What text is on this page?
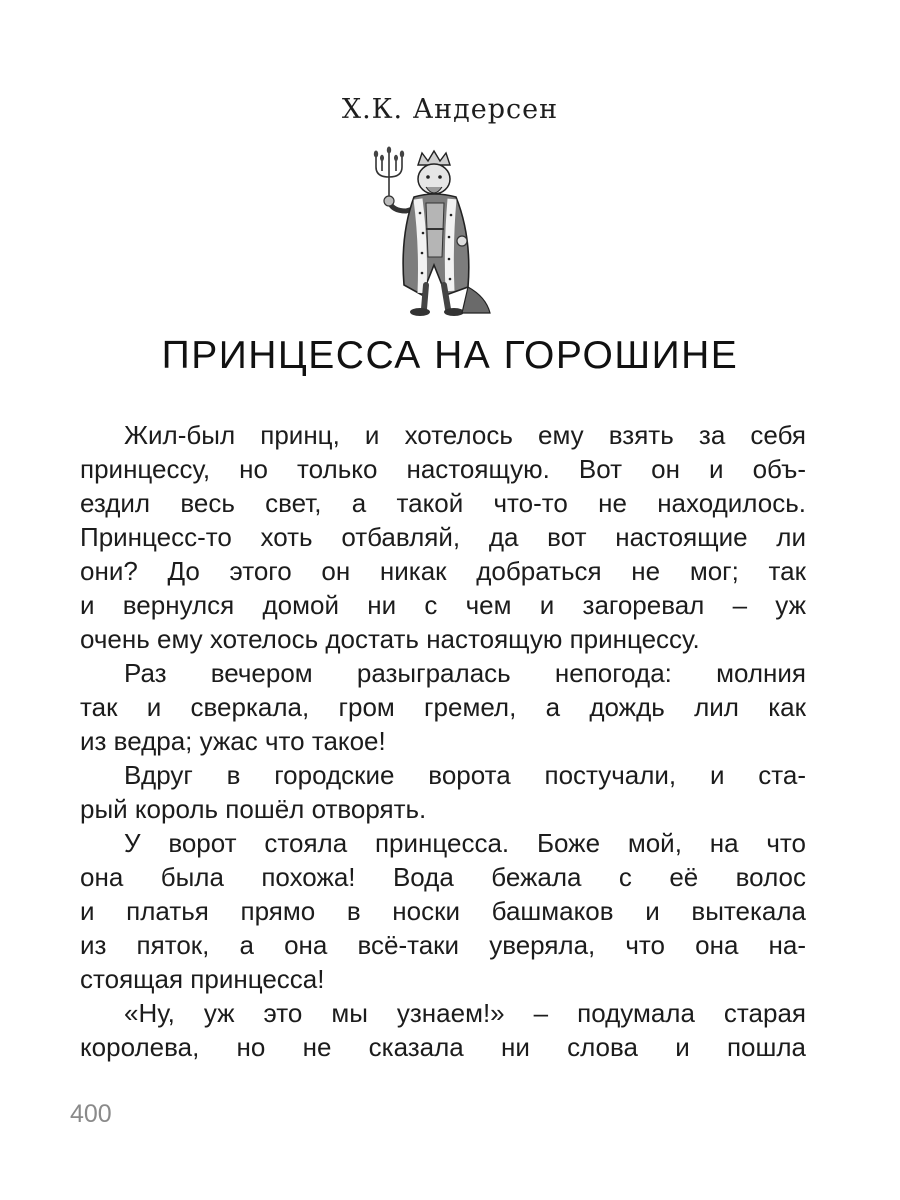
Х.К. Андерсен
ПРИНЦЕССА НА ГОРОШИНЕ
Жил-был принц, и хотелось ему взять за себя
принцессу, но только настоящую. Вот он и объ-
ездил весь свет, а такой что-то не находилось.
Принцесс-то хоть отбавляй, да вот настоящие ли
они? До этого он никак добраться не мог; так
и вернулся домой ни с чем и загоревал – уж
очень ему хотелось достать настоящую принцессу.
Раз вечером разыгралась непогода: молния
так и сверкала, гром гремел, а дождь лил как
из ведра; ужас что такое!
Вдруг в городские ворота постучали, и ста-
рый король пошёл отворять.
У ворот стояла принцесса. Боже мой, на что
она была похожа! Вода бежала с её волос
и платья прямо в носки башмаков и вытекала
из пяток, а она всё-таки уверяла, что она на-
стоящая принцесса!
«Ну, уж это мы узнаем!» – подумала старая
королева, но не сказала ни слова и пошла
400
